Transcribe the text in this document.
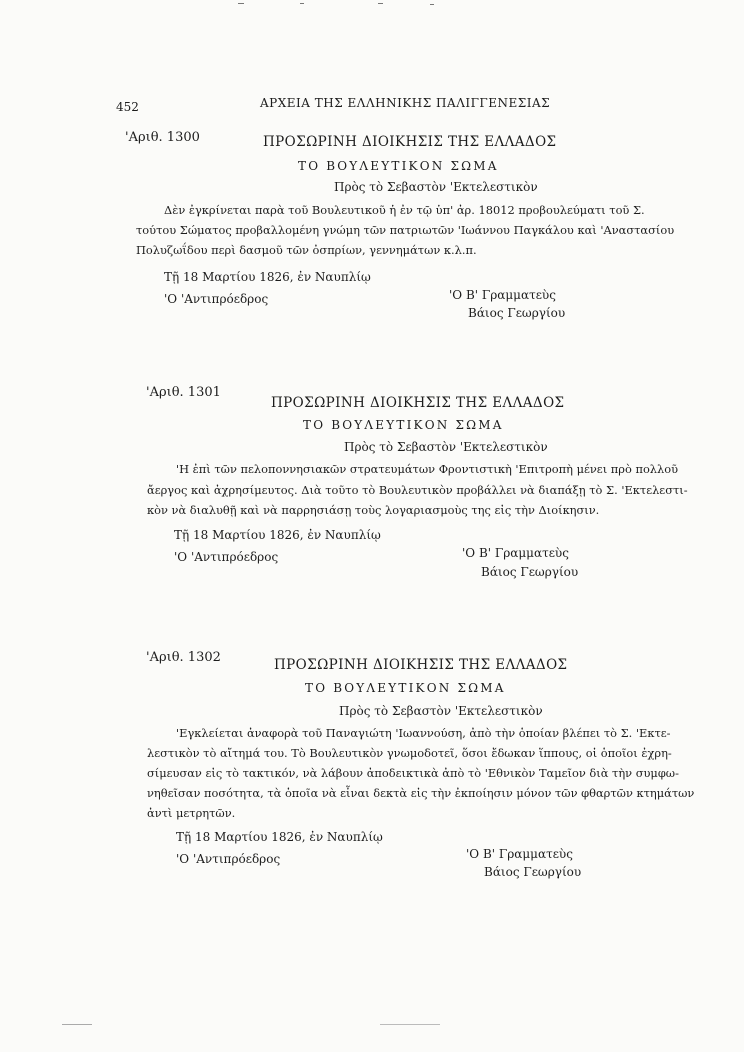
452	ΑΡΧΕΙΑ ΤΗΣ ΕΛΛΗΝΙΚΗΣ ΠΑΛΙΓΓΕΝΕΣΙΑΣ
'Αριθ. 1300	ΠΡΟΣΩΡΙΝΗ ΔΙΟΙΚΗΣΙΣ ΤΗΣ ΕΛΛΑΔΟΣ
ΤΟ ΒΟΥΛΕΥΤΙΚΟΝ ΣΩΜΑ
Πρὸς τὸ Σεβαστὸν 'Εκτελεστικὸν
Δὲν ἐγκρίνεται παρὰ τοῦ Βουλευτικοῦ ἡ ἐν τῷ ὑπ' ἀρ. 18012 προβουλεύματι τοῦ Σ.
τούτου Σώματος προβαλλομένη γνώμη τῶν πατριωτῶν 'Ιωάννου Παγκάλου καὶ 'Αναστασίου
Πολυζωΐδου περὶ δασμοῦ τῶν ὀσπρίων, γεννημάτων κ.λ.π.
Τῇ 18 Μαρτίου 1826, ἐν Ναυπλίῳ
'Ο 'Αντιπρόεδρος	'Ο Β' Γραμματεὺς
Βάιος Γεωργίου
'Αριθ. 1301
ΠΡΟΣΩΡΙΝΗ ΔΙΟΙΚΗΣΙΣ ΤΗΣ ΕΛΛΑΔΟΣ
ΤΟ ΒΟΥΛΕΥΤΙΚΟΝ ΣΩΜΑ
Πρὸς τὸ Σεβαστὸν 'Εκτελεστικὸν
'Η ἐπὶ τῶν πελοποννησιακῶν στρατευμάτων Φροντιστικὴ 'Επιτροπὴ μένει πρὸ πολλοῦ
ἄεργος καὶ ἀχρησίμευτος. Διὰ τοῦτο τὸ Βουλευτικὸν προβάλλει νὰ διαπάξῃ τὸ Σ. 'Εκτελεστι-
κὸν νὰ διαλυθῇ καὶ νὰ παρρησιάσῃ τοὺς λογαριασμοὺς της εἰς τὴν Διοίκησιν.
Τῇ 18 Μαρτίου 1826, ἐν Ναυπλίῳ
'Ο 'Αντιπρόεδρος	'Ο Β' Γραμματεὺς
Βάιος Γεωργίου
'Αριθ. 1302	ΠΡΟΣΩΡΙΝΗ ΔΙΟΙΚΗΣΙΣ ΤΗΣ ΕΛΛΑΔΟΣ
ΤΟ ΒΟΥΛΕΥΤΙΚΟΝ ΣΩΜΑ
Πρὸς τὸ Σεβαστὸν 'Εκτελεστικὸν
'Εγκλείεται ἀναφορὰ τοῦ Παναγιώτη 'Ιωαννούση, ἀπὸ τὴν ὁποίαν βλέπει τὸ Σ. 'Εκτε-
λεστικὸν τὸ αἴτημά του. Τὸ Βουλευτικὸν γνωμοδοτεῖ, ὅσοι ἔδωκαν ἵππους, οἱ ὁποῖοι ἐχρη-
σίμευσαν εἰς τὸ τακτικόν, νὰ λάβουν ἀποδεικτικὰ ἀπὸ τὸ 'Εθνικὸν Ταμεῖον διὰ τὴν συμφω-
νηθεῖσαν ποσότητα, τὰ ὁποῖα νὰ εἶναι δεκτὰ εἰς τὴν ἐκποίησιν μόνον τῶν φθαρτῶν κτημάτων
ἀντὶ μετρητῶν.
Τῇ 18 Μαρτίου 1826, ἐν Ναυπλίῳ
'Ο 'Αντιπρόεδρος	'Ο Β' Γραμματεὺς
Βάιος Γεωργίου
